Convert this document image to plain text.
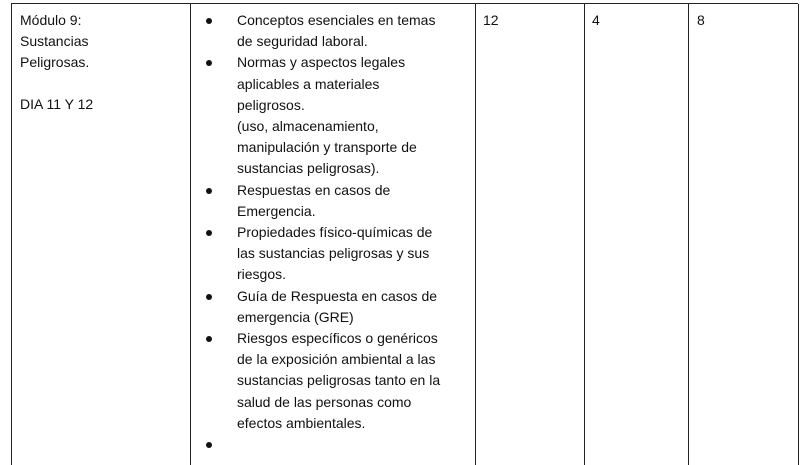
Módulo 9:
Sustancias
Peligrosas.
DIA 11 Y 12
Conceptos esenciales en temas
de seguridad laboral.
Normas y aspectos legales
aplicables a materiales
peligrosos.
(uso, almacenamiento,
manipulación y transporte de
sustancias peligrosas).
Respuestas en casos de
Emergencia.
Propiedades físico-químicas de
las sustancias peligrosas y sus
riesgos.
Guía de Respuesta en casos de
emergencia (GRE)
Riesgos específicos o genéricos
de la exposición ambiental a las
sustancias peligrosas tanto en la
salud de las personas como
efectos ambientales.
12	4	8
